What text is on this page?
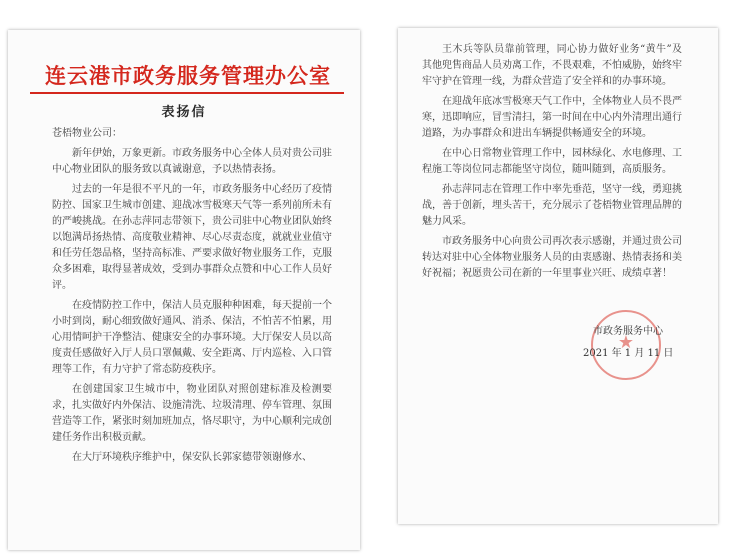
连云港市政务服务管理办公室
表扬信

苍梧物业公司：

新年伊始，万象更新。市政务服务中心全体人员对贵公司驻中心物业团队的服务致以真诚谢意，予以热情表扬。

过去的一年是很不平凡的一年，市政务服务中心经历了疫情防控、国家卫生城市创建、迎战冰雪极寒天气等一系列前所未有的严峻挑战。在孙志萍同志带领下，贵公司驻中心物业团队始终以饱满昂扬热情、高度敬业精神、尽心尽责态度，就就业业值守和任劳任怨品格，坚持高标准、严要求做好物业服务工作，克服众多困难，取得显著成效，受到办事群众点赞和中心工作人员好评。

在疫情防控工作中，保洁人员克服种种困难，每天提前一个小时到岗，耐心细致做好通风、消杀、保洁，不怕苦不怕累，用心用情呵护干净整洁、健康安全的办事环境。大厅保安人员以高度责任感做好入厅人员口罩佩戴、安全距离、厅内巡检、入口管理等工作，有力守护了常态防疫秩序。

在创建国家卫生城市中，物业团队对照创建标准及检测要求，扎实做好内外保洁、设施清洗、垃圾清理、停车管理、氛围营造等工作，紧张时刻加班加点，恪尽职守，为中心顺利完成创建任务作出积极贡献。

在大厅环境秩序维护中，保安队长郭家德带领谢修水、

王木兵等队员靠前管理，同心协力做好业务“黄牛”及其他兜售商品人员劝离工作，不畏艰难，不怕威胁，始终牢牢守护在管理一线，为群众营造了安全祥和的办事环境。

在迎战年底冰雪极寒天气工作中，全体物业人员不畏严寒，迅即响应，冒雪清扫，第一时间在中心内外清理出通行道路，为办事群众和进出车辆提供畅通安全的环境。

在中心日常物业管理工作中，园林绿化、水电修理、工程施工等岗位同志都能坚守岗位，随叫随到，高质服务。

孙志萍同志在管理工作中率先垂范，坚守一线，勇迎挑战，善于创新，埋头苦干，充分展示了苍梧物业管理品牌的魅力风采。

市政务服务中心向贵公司再次表示感谢，并通过贵公司转达对驻中心全体物业服务人员的由衷感谢、热情表扬和美好祝福；祝愿贵公司在新的一年里事业兴旺、成绩卓著！

★
市政务服务中心
2021 年 1 月 11 日
